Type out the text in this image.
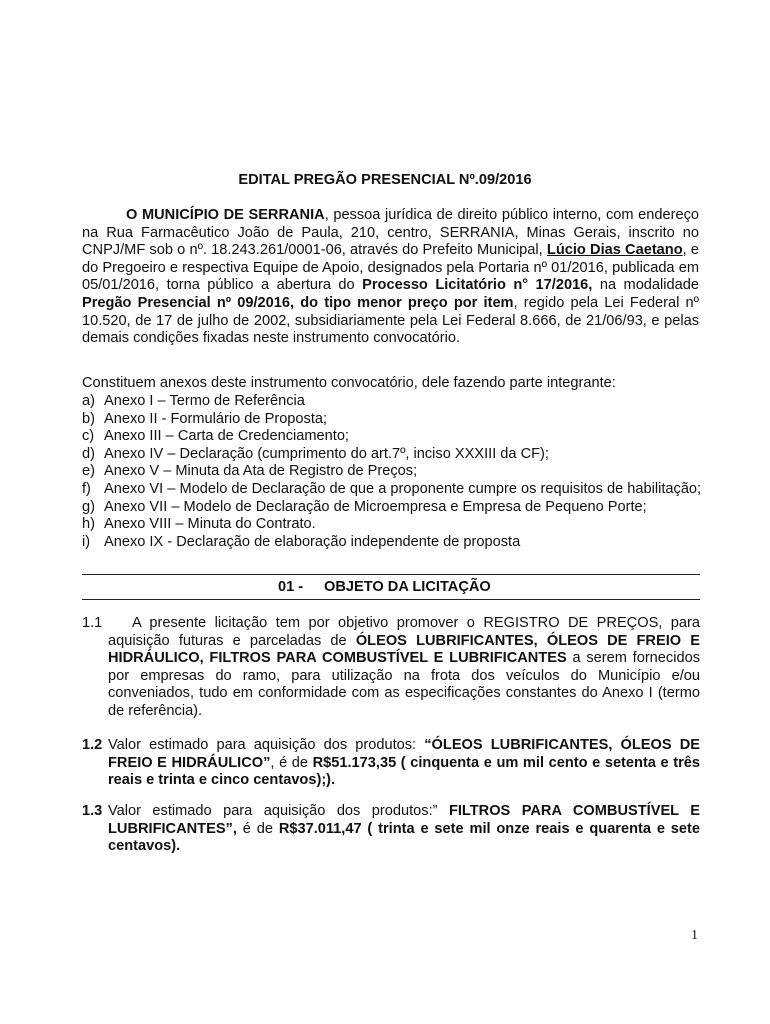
EDITAL PREGÃO PRESENCIAL Nº.09/2016
O MUNICÍPIO DE SERRANIA, pessoa jurídica de direito público interno, com endereço na Rua Farmacêutico João de Paula, 210, centro, SERRANIA, Minas Gerais, inscrito no CNPJ/MF sob o nº. 18.243.261/0001-06, através do Prefeito Municipal, Lúcio Dias Caetano, e do Pregoeiro e respectiva Equipe de Apoio, designados pela Portaria nº 01/2016, publicada em 05/01/2016, torna público a abertura do Processo Licitatório n° 17/2016, na modalidade Pregão Presencial nº 09/2016, do tipo menor preço por item, regido pela Lei Federal nº 10.520, de 17 de julho de 2002, subsidiariamente pela Lei Federal 8.666, de 21/06/93, e pelas demais condições fixadas neste instrumento convocatório.
Constituem anexos deste instrumento convocatório, dele fazendo parte integrante:
a) Anexo I – Termo de Referência
b) Anexo II - Formulário de Proposta;
c) Anexo III – Carta de Credenciamento;
d) Anexo IV – Declaração (cumprimento do art.7º, inciso XXXIII da CF);
e) Anexo V – Minuta da Ata de Registro de Preços;
f) Anexo VI – Modelo de Declaração de que a proponente cumpre os requisitos de habilitação;
g) Anexo VII – Modelo de Declaração de Microempresa e Empresa de Pequeno Porte;
h) Anexo VIII – Minuta do Contrato.
i) Anexo IX - Declaração de elaboração independente de proposta
01 - OBJETO DA LICITAÇÃO
1.1	A presente licitação tem por objetivo promover o REGISTRO DE PREÇOS, para aquisição futuras e parceladas de ÓLEOS LUBRIFICANTES, ÓLEOS DE FREIO E HIDRÁULICO, FILTROS PARA COMBUSTÍVEL E LUBRIFICANTES a serem fornecidos por empresas do ramo, para utilização na frota dos veículos do Município e/ou conveniados, tudo em conformidade com as especificações constantes do Anexo I (termo de referência).
1.2 Valor estimado para aquisição dos produtos: “ÓLEOS LUBRIFICANTES, ÓLEOS DE FREIO E HIDRÁULICO”, é de R$51.173,35 ( cinquenta e um mil cento e setenta e três reais e trinta e cinco centavos);).
1.3 Valor estimado para aquisição dos produtos:” FILTROS PARA COMBUSTÍVEL E LUBRIFICANTES”, é de R$37.011,47 ( trinta e sete mil onze reais e quarenta e sete centavos).
1
